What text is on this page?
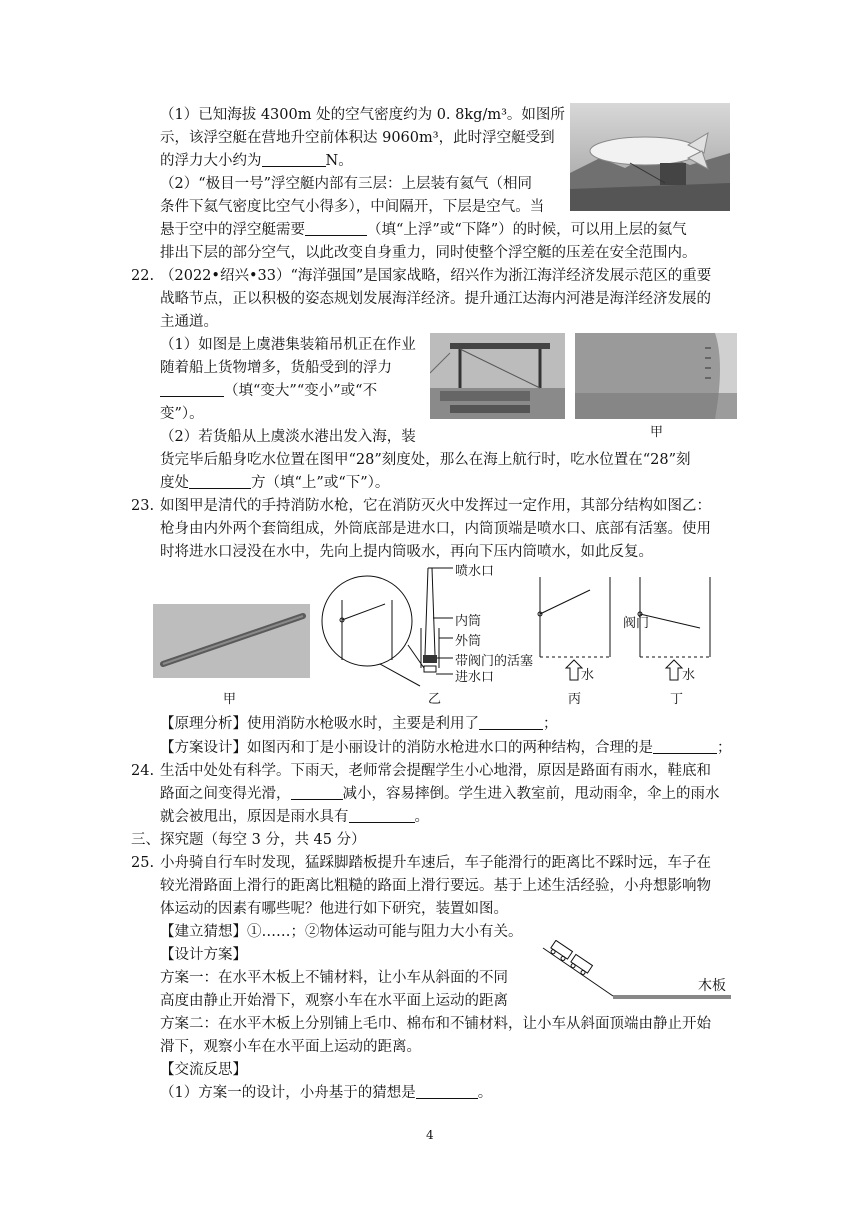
（1）已知海拔 4300m 处的空气密度约为 0. 8kg/m³。如图所
示，该浮空艇在营地升空前体积达 9060m³，此时浮空艇受到
的浮力大小约为	N。
（2）“极目一号”浮空艇内部有三层：上层装有氦气（相同
条件下氦气密度比空气小得多），中间隔开，下层是空气。当
悬于空中的浮空艇需要	（填“上浮”或“下降”）的时候，可以用上层的氦气
排出下层的部分空气，以此改变自身重力，同时使整个浮空艇的压差在安全范围内。
22. （2022•绍兴•33）“海洋强国”是国家战略，绍兴作为浙江海洋经济发展示范区的重要
战略节点，正以积极的姿态规划发展海洋经济。提升通江达海内河港是海洋经济发展的
主通道。
（1）如图是上虞港集装箱吊机正在作业
随着船上货物增多，货船受到的浮力
（填“变大”“变小”或“不
变”）。
（2）若货船从上虞淡水港出发入海，装
货完毕后船身吃水位置在图甲“28”刻度处，那么在海上航行时，吃水位置在“28”刻
度处	方（填“上”或“下”）。
甲
23. 如图甲是清代的手持消防水枪，它在消防灭火中发挥过一定作用，其部分结构如图乙：
枪身由内外两个套筒组成，外筒底部是进水口，内筒顶端是喷水口、底部有活塞。使用
时将进水口浸没在水中，先向上提内筒吸水，再向下压内筒喷水，如此反复。
甲
喷水口
内筒
外筒
带阀门的活塞
进水口
乙
水
丙
阀门
水
丁
【原理分析】使用消防水枪吸水时，主要是利用了	；
【方案设计】如图丙和丁是小丽设计的消防水枪进水口的两种结构，合理的是	；
24. 生活中处处有科学。下雨天，老师常会提醒学生小心地滑，原因是路面有雨水，鞋底和
路面之间变得光滑，	减小，容易摔倒。学生进入教室前，甩动雨伞，伞上的雨水
就会被甩出，原因是雨水具有	。
三、探究题（每空 3 分，共 45 分）
25. 小舟骑自行车时发现，猛踩脚踏板提升车速后，车子能滑行的距离比不踩时远，车子在
较光滑路面上滑行的距离比粗糙的路面上滑行要远。基于上述生活经验，小舟想影响物
体运动的因素有哪些呢？他进行如下研究，装置如图。
【建立猜想】①……；②物体运动可能与阻力大小有关。
【设计方案】
方案一：在水平木板上不铺材料，让小车从斜面的不同
高度由静止开始滑下，观察小车在水平面上运动的距离
方案二：在水平木板上分别铺上毛巾、棉布和不铺材料，让小车从斜面顶端由静止开始
滑下，观察小车在水平面上运动的距离。
【交流反思】
（1）方案一的设计，小舟基于的猜想是	。
木板
4
